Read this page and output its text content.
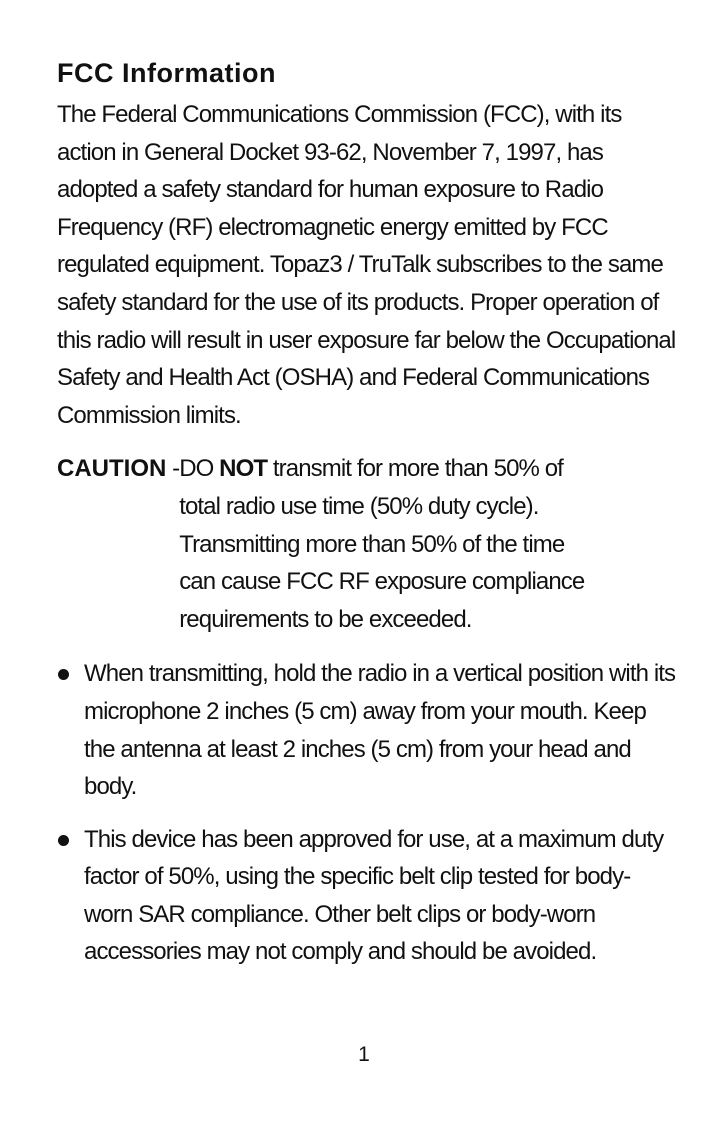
FCC Information

The Federal Communications Commission (FCC), with its action in General Docket 93-62, November 7, 1997, has adopted a safety standard for human exposure to Radio Frequency (RF) electromagnetic energy emitted by FCC regulated equipment. Topaz3 / TruTalk subscribes to the same safety standard for the use of its products. Proper operation of this radio will result in user exposure far below the Occupational Safety and Health Act (OSHA) and Federal Communications Commission limits.

CAUTION - DO NOT transmit for more than 50% of
total radio use time (50% duty cycle).
Transmitting more than 50% of the time
can cause FCC RF exposure compliance
requirements to be exceeded.
When transmitting, hold the radio in a vertical position with its microphone 2 inches (5 cm) away from your mouth. Keep the antenna at least 2 inches (5 cm) from your head and body.
This device has been approved for use, at a maximum duty factor of 50%, using the specific belt clip tested for body-worn SAR compliance. Other belt clips or body-worn accessories may not comply and should be avoided.
1
